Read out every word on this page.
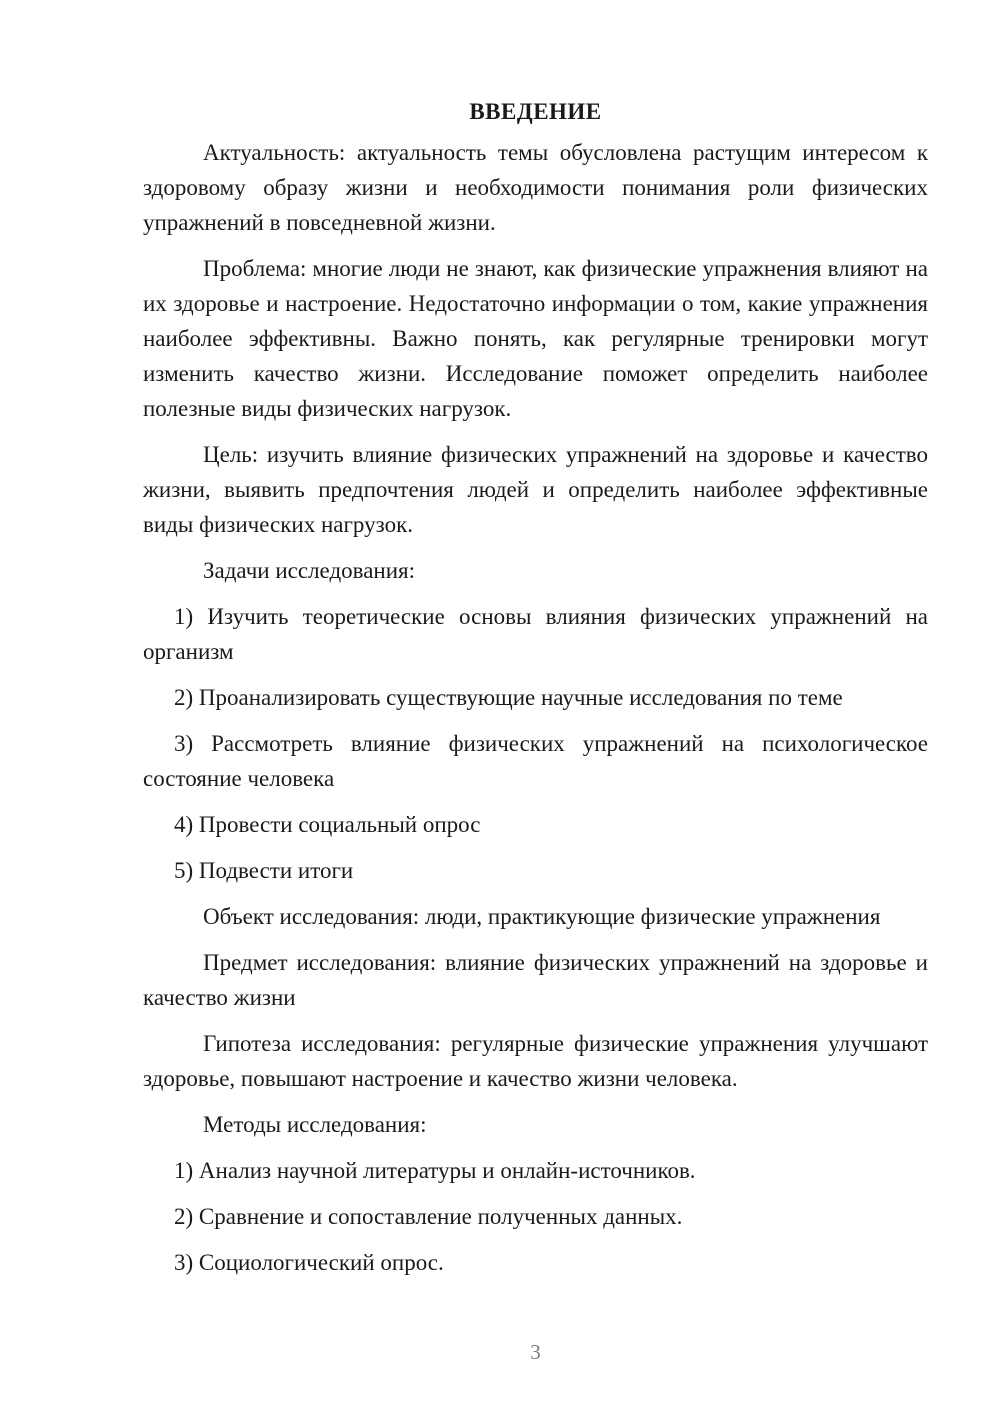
ВВЕДЕНИЕ

Актуальность: актуальность темы обусловлена растущим интересом к здоровому образу жизни и необходимости понимания роли физических упражнений в повседневной жизни.

Проблема: многие люди не знают, как физические упражнения влияют на их здоровье и настроение. Недостаточно информации о том, какие упражнения наиболее эффективны. Важно понять, как регулярные тренировки могут изменить качество жизни. Исследование поможет определить наиболее полезные виды физических нагрузок.

Цель: изучить влияние физических упражнений на здоровье и качество жизни, выявить предпочтения людей и определить наиболее эффективные виды физических нагрузок.

Задачи исследования:

1) Изучить теоретические основы влияния физических упражнений на организм

2) Проанализировать существующие научные исследования по теме

3) Рассмотреть влияние физических упражнений на психологическое состояние человека

4) Провести социальный опрос

5) Подвести итоги

Объект исследования: люди, практикующие физические упражнения

Предмет исследования: влияние физических упражнений на здоровье и качество жизни

Гипотеза исследования: регулярные физические упражнения улучшают здоровье, повышают настроение и качество жизни человека.

Методы исследования:

1) Анализ научной литературы и онлайн-источников.

2) Сравнение и сопоставление полученных данных.

3) Социологический опрос.

3
